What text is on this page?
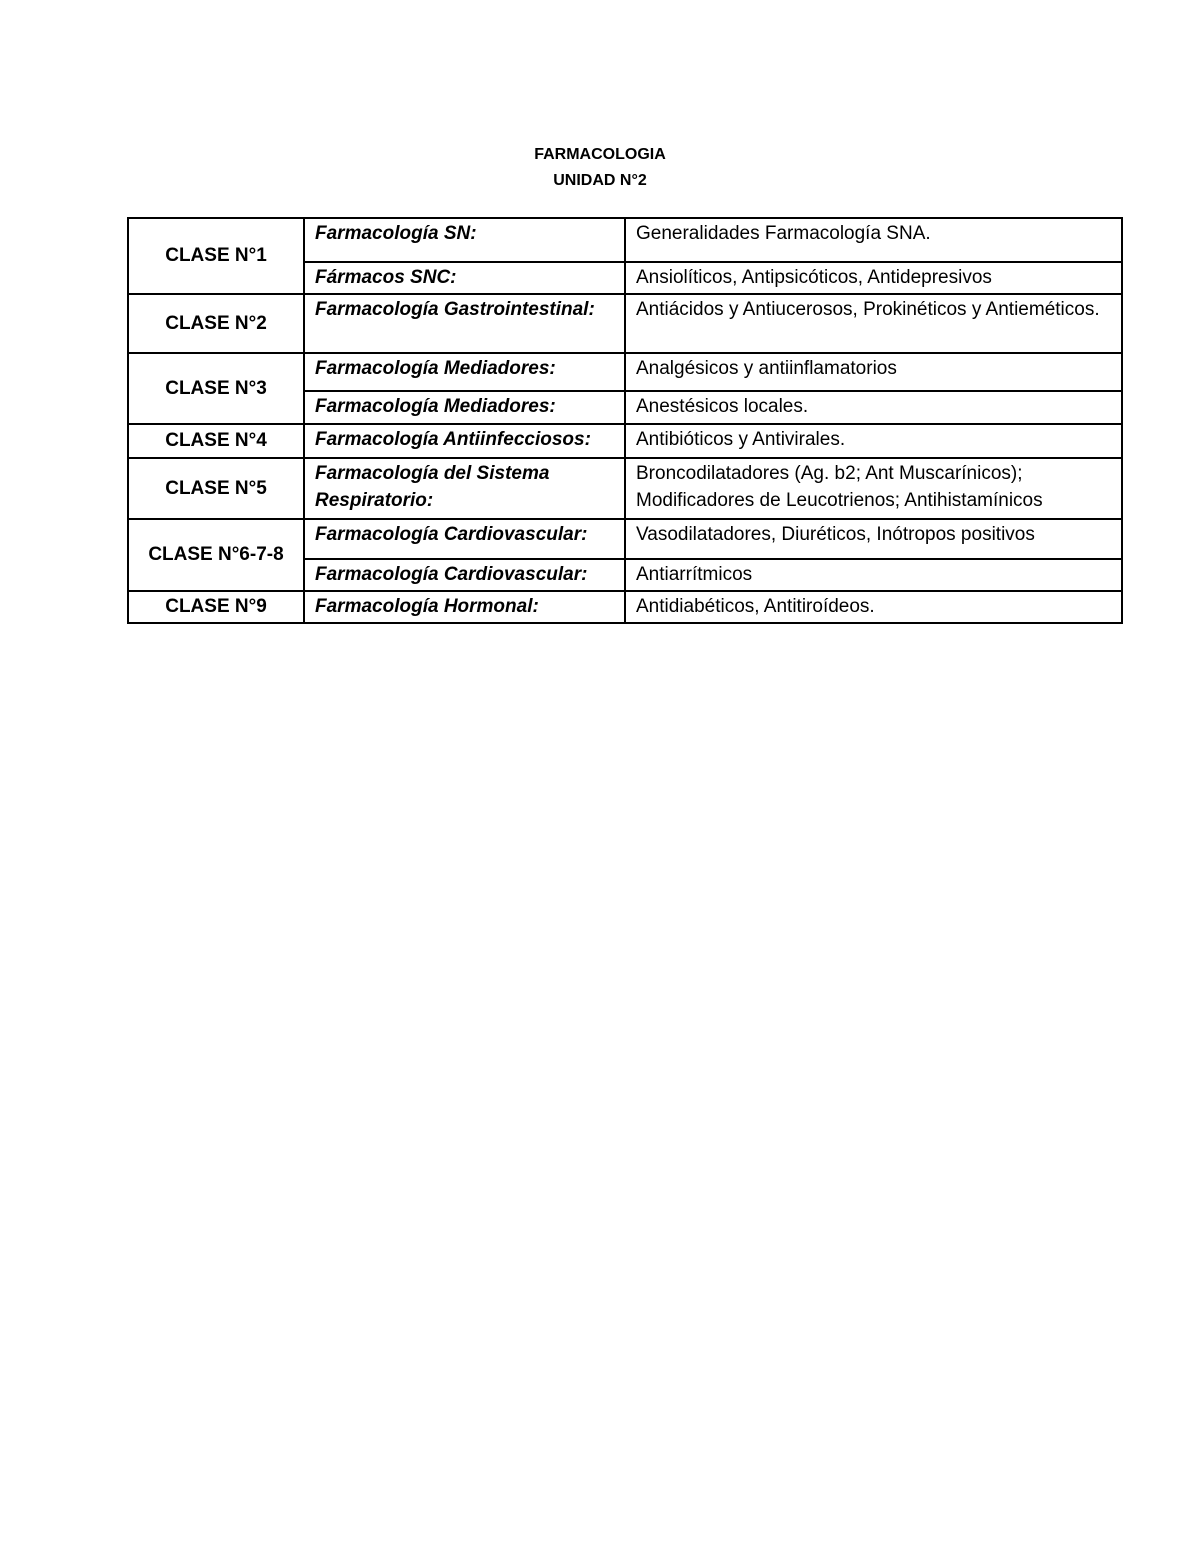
FARMACOLOGIA
UNIDAD N°2
CLASE N°1	Farmacología SN:	Generalidades Farmacología SNA.
	Fármacos SNC:	Ansiolíticos, Antipsicóticos, Antidepresivos
CLASE N°2	Farmacología Gastrointestinal:	Antiácidos y Antiucerosos, Prokinéticos y Antieméticos.
CLASE N°3	Farmacología Mediadores:	Analgésicos y antiinflamatorios
	Farmacología Mediadores:	Anestésicos locales.
CLASE N°4	Farmacología Antiinfecciosos:	Antibióticos y Antivirales.
CLASE N°5	Farmacología del Sistema Respiratorio:	Broncodilatadores (Ag. b2; Ant Muscarínicos); Modificadores de Leucotrienos; Antihistamínicos
CLASE N°6-7-8	Farmacología Cardiovascular:	Vasodilatadores, Diuréticos, Inótropos positivos
	Farmacología Cardiovascular:	Antiarrítmicos
CLASE N°9	Farmacología Hormonal:	Antidiabéticos, Antitiroídeos.
